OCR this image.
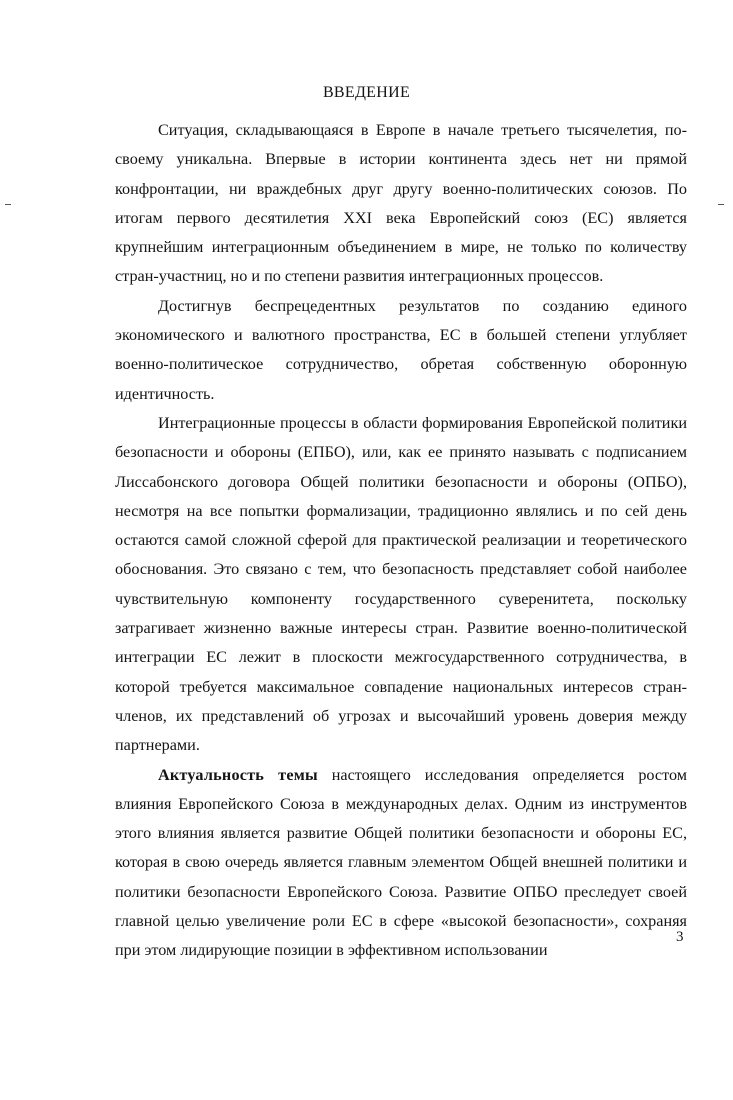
ВВЕДЕНИЕ

Ситуация, складывающаяся в Европе в начале третьего тысячелетия, по-своему уникальна. Впервые в истории континента здесь нет ни прямой конфронтации, ни враждебных друг другу военно-политических союзов. По итогам первого десятилетия XXI века Европейский союз (ЕС) является крупнейшим интеграционным объединением в мире, не только по количеству стран-участниц, но и по степени развития интеграционных процессов.

Достигнув беспрецедентных результатов по созданию единого экономического и валютного пространства, ЕС в большей степени углубляет военно-политическое сотрудничество, обретая собственную оборонную идентичность.

Интеграционные процессы в области формирования Европейской политики безопасности и обороны (ЕПБО), или, как ее принято называть с подписанием Лиссабонского договора Общей политики безопасности и обороны (ОПБО), несмотря на все попытки формализации, традиционно являлись и по сей день остаются самой сложной сферой для практической реализации и теоретического обоснования. Это связано с тем, что безопасность представляет собой наиболее чувствительную компоненту государственного суверенитета, поскольку затрагивает жизненно важные интересы стран. Развитие военно-политической интеграции ЕС лежит в плоскости межгосударственного сотрудничества, в которой требуется максимальное совпадение национальных интересов стран-членов, их представлений об угрозах и высочайший уровень доверия между партнерами.

Актуальность темы настоящего исследования определяется ростом влияния Европейского Союза в международных делах. Одним из инструментов этого влияния является развитие Общей политики безопасности и обороны ЕС, которая в свою очередь является главным элементом Общей внешней политики и политики безопасности Европейского Союза. Развитие ОПБО преследует своей главной целью увеличение роли ЕС в сфере «высокой безопасности», сохраняя при этом лидирующие позиции в эффективном использовании

3
